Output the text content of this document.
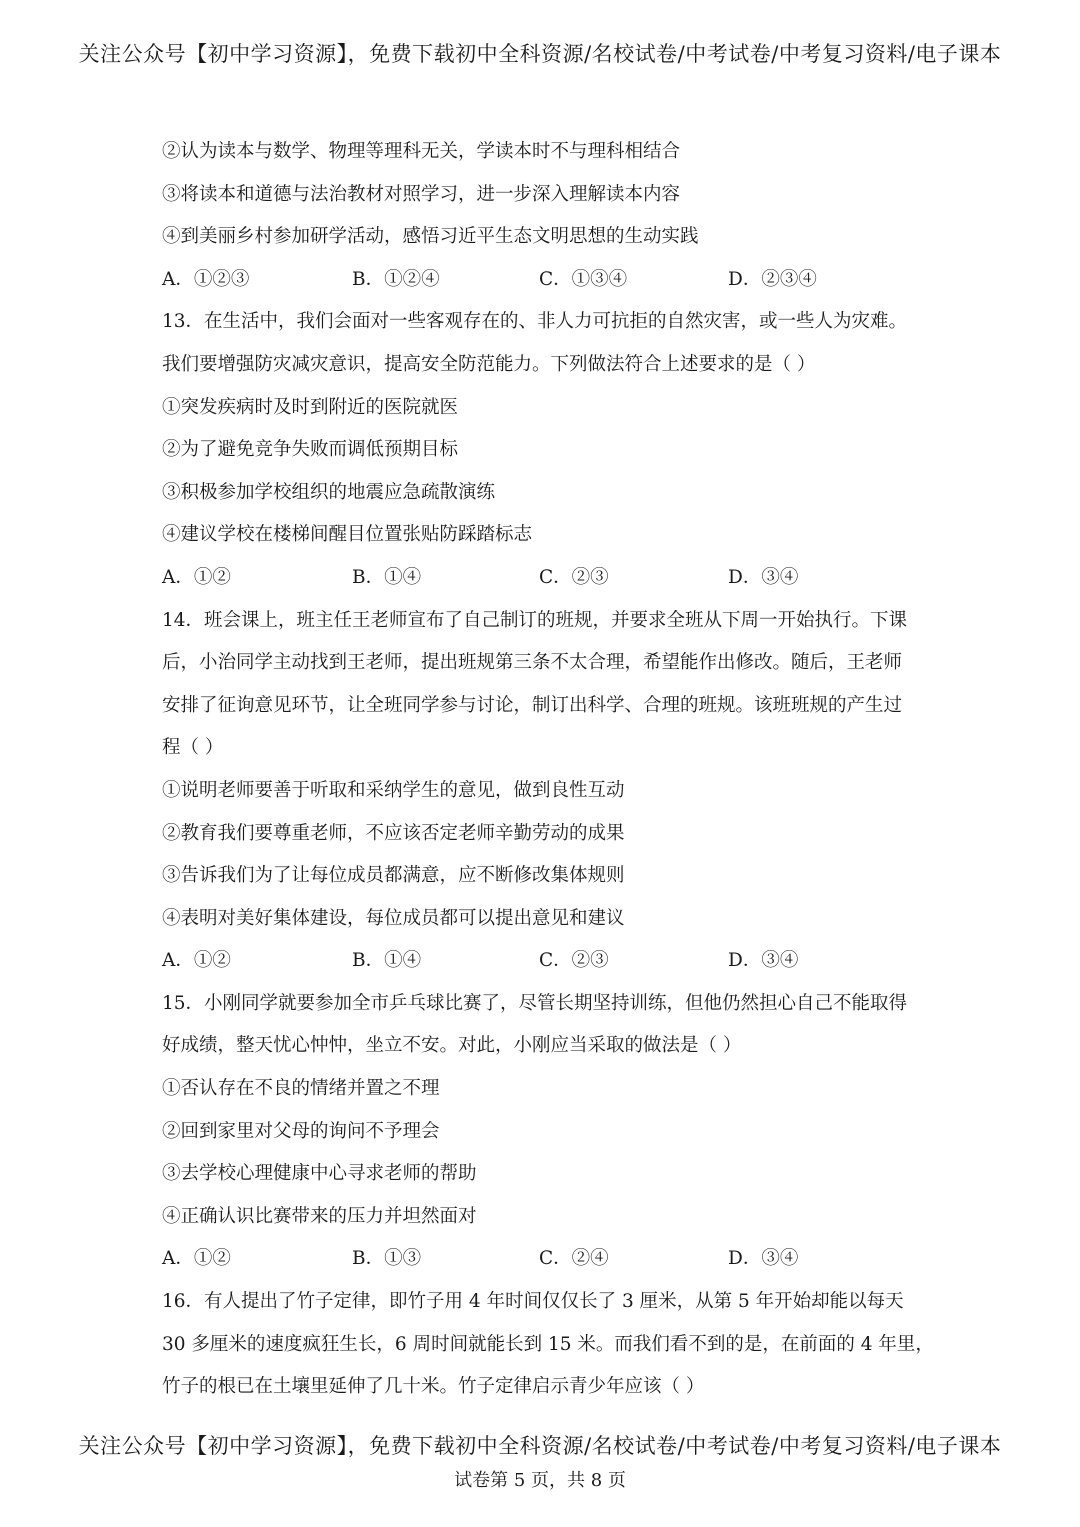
关注公众号【初中学习资源】，免费下载初中全科资源/名校试卷/中考试卷/中考复习资料/电子课本
②认为读本与数学、物理等理科无关，学读本时不与理科相结合
③将读本和道德与法治教材对照学习，进一步深入理解读本内容
④到美丽乡村参加研学活动，感悟习近平生态文明思想的生动实践
A．①②③	B．①②④	C．①③④	D．②③④
13．在生活中，我们会面对一些客观存在的、非人力可抗拒的自然灾害，或一些人为灾难。
我们要增强防灾减灾意识，提高安全防范能力。下列做法符合上述要求的是（ ）
①突发疾病时及时到附近的医院就医
②为了避免竞争失败而调低预期目标
③积极参加学校组织的地震应急疏散演练
④建议学校在楼梯间醒目位置张贴防踩踏标志
A．①②	B．①④	C．②③	D．③④
14．班会课上，班主任王老师宣布了自己制订的班规，并要求全班从下周一开始执行。下课
后，小治同学主动找到王老师，提出班规第三条不太合理，希望能作出修改。随后，王老师
安排了征询意见环节，让全班同学参与讨论，制订出科学、合理的班规。该班班规的产生过
程（ ）
①说明老师要善于听取和采纳学生的意见，做到良性互动
②教育我们要尊重老师，不应该否定老师辛勤劳动的成果
③告诉我们为了让每位成员都满意，应不断修改集体规则
④表明对美好集体建设，每位成员都可以提出意见和建议
A．①②	B．①④	C．②③	D．③④
15．小刚同学就要参加全市乒乓球比赛了，尽管长期坚持训练，但他仍然担心自己不能取得
好成绩，整天忧心忡忡，坐立不安。对此，小刚应当采取的做法是（ ）
①否认存在不良的情绪并置之不理
②回到家里对父母的询问不予理会
③去学校心理健康中心寻求老师的帮助
④正确认识比赛带来的压力并坦然面对
A．①②	B．①③	C．②④	D．③④
16．有人提出了竹子定律，即竹子用 4 年时间仅仅长了 3 厘米，从第 5 年开始却能以每天
30 多厘米的速度疯狂生长，6 周时间就能长到 15 米。而我们看不到的是，在前面的 4 年里，
竹子的根已在土壤里延伸了几十米。竹子定律启示青少年应该（ ）
关注公众号【初中学习资源】，免费下载初中全科资源/名校试卷/中考试卷/中考复习资料/电子课本
试卷第 5 页，共 8 页
